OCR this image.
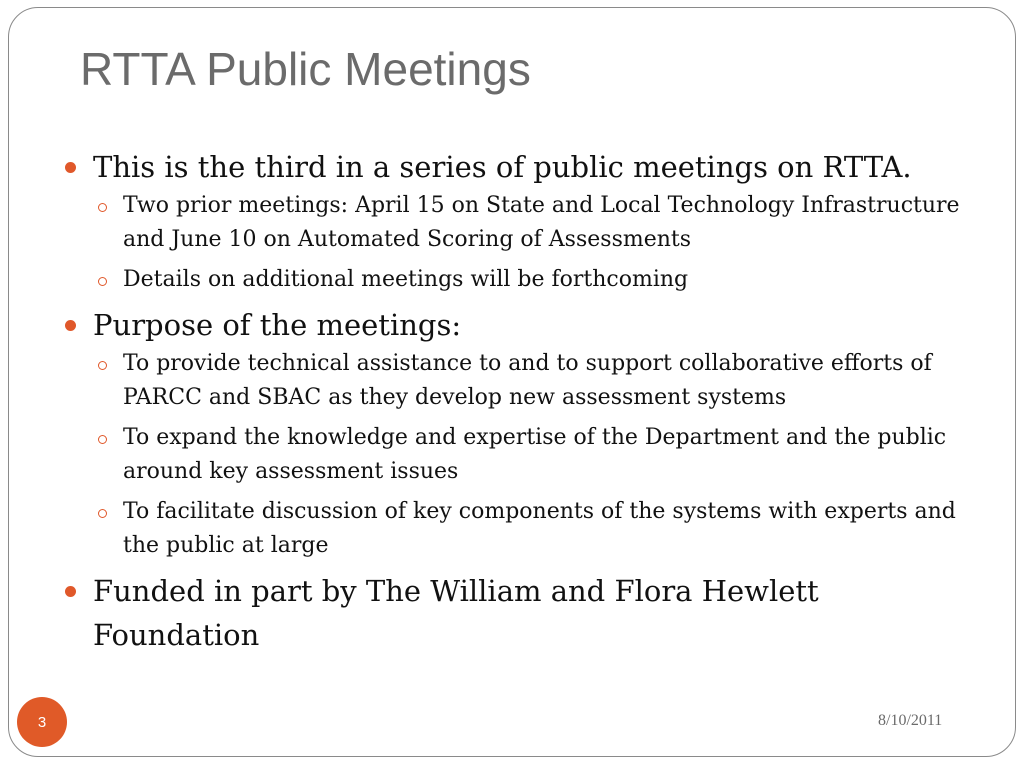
RTTA Public Meetings

This is the third in a series of public meetings on RTTA.

Two prior meetings: April 15 on State and Local Technology Infrastructure and June 10 on Automated Scoring of Assessments

Details on additional meetings will be forthcoming

Purpose of the meetings:

To provide technical assistance to and to support collaborative efforts of PARCC and SBAC as they develop new assessment systems

To expand the knowledge and expertise of the Department and the public around key assessment issues

To facilitate discussion of key components of the systems with experts and the public at large

Funded in part by The William and Flora Hewlett Foundation

3	8/10/2011
